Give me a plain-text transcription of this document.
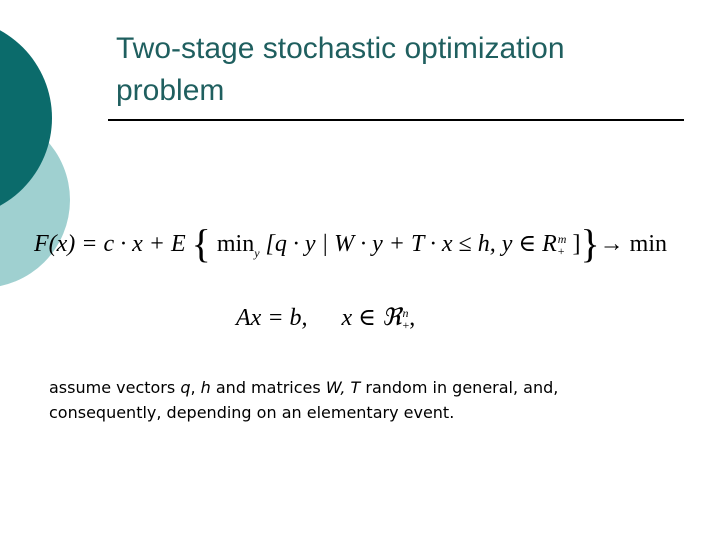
Two-stage stochastic optimization
problem
F(x) = c · x + E { $\min_y [q \cdot y$ | W · y + T · x ≤ h, y ∈ Rm
+ ]}→ min
Ax = b, x ∈ ℜn
+ ,
assume vectors q, h and matrices W, T random in general, and,
consequently, depending on an elementary event.
